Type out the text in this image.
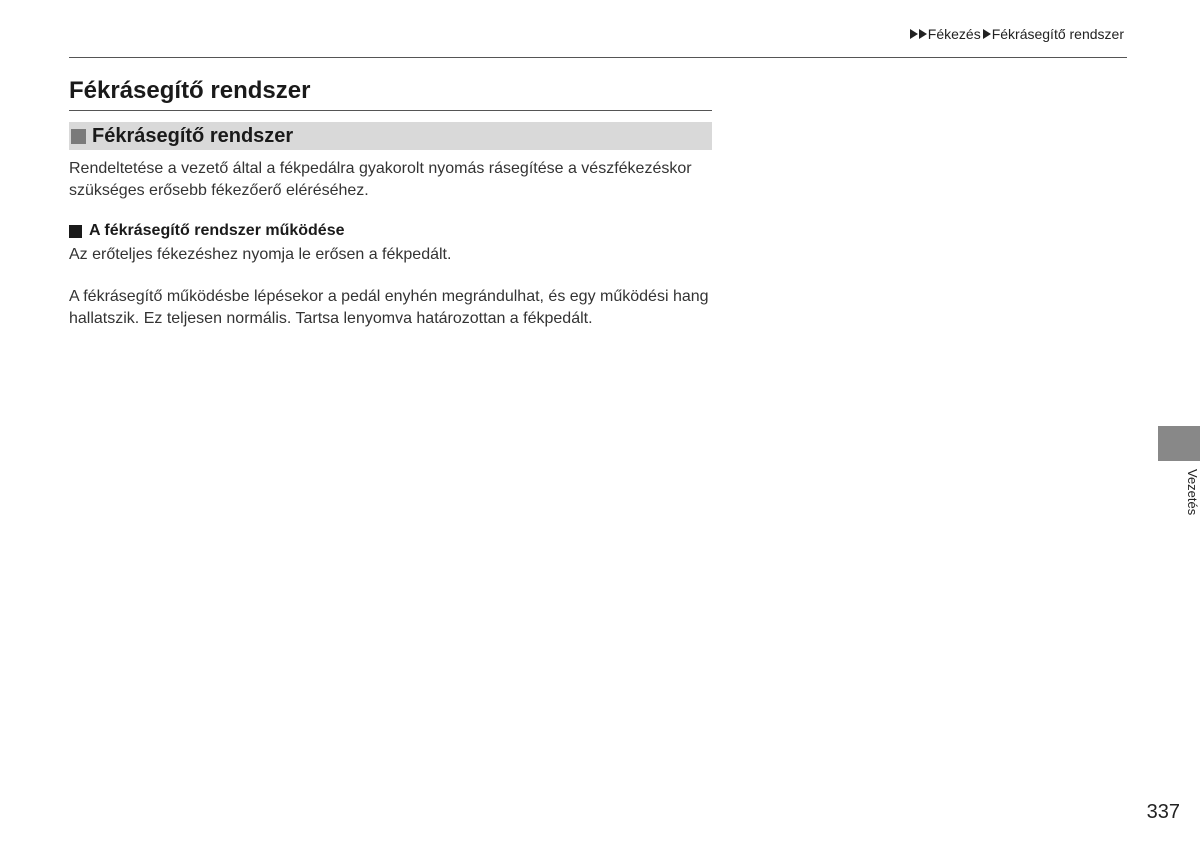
Fékezés Fékrásegítő rendszer
Fékrásegítő rendszer
Fékrásegítő rendszer

Rendeltetése a vezető által a fékpedálra gyakorolt nyomás rásegítése a vészfékezéskor szükséges erősebb fékezőerő eléréséhez.

A fékrásegítő rendszer működése

Az erőteljes fékezéshez nyomja le erősen a fékpedált.

A fékrásegítő működésbe lépésekor a pedál enyhén megrándulhat, és egy működési hang hallatszik. Ez teljesen normális. Tartsa lenyomva határozottan a fékpedált.

Vezetés
337
